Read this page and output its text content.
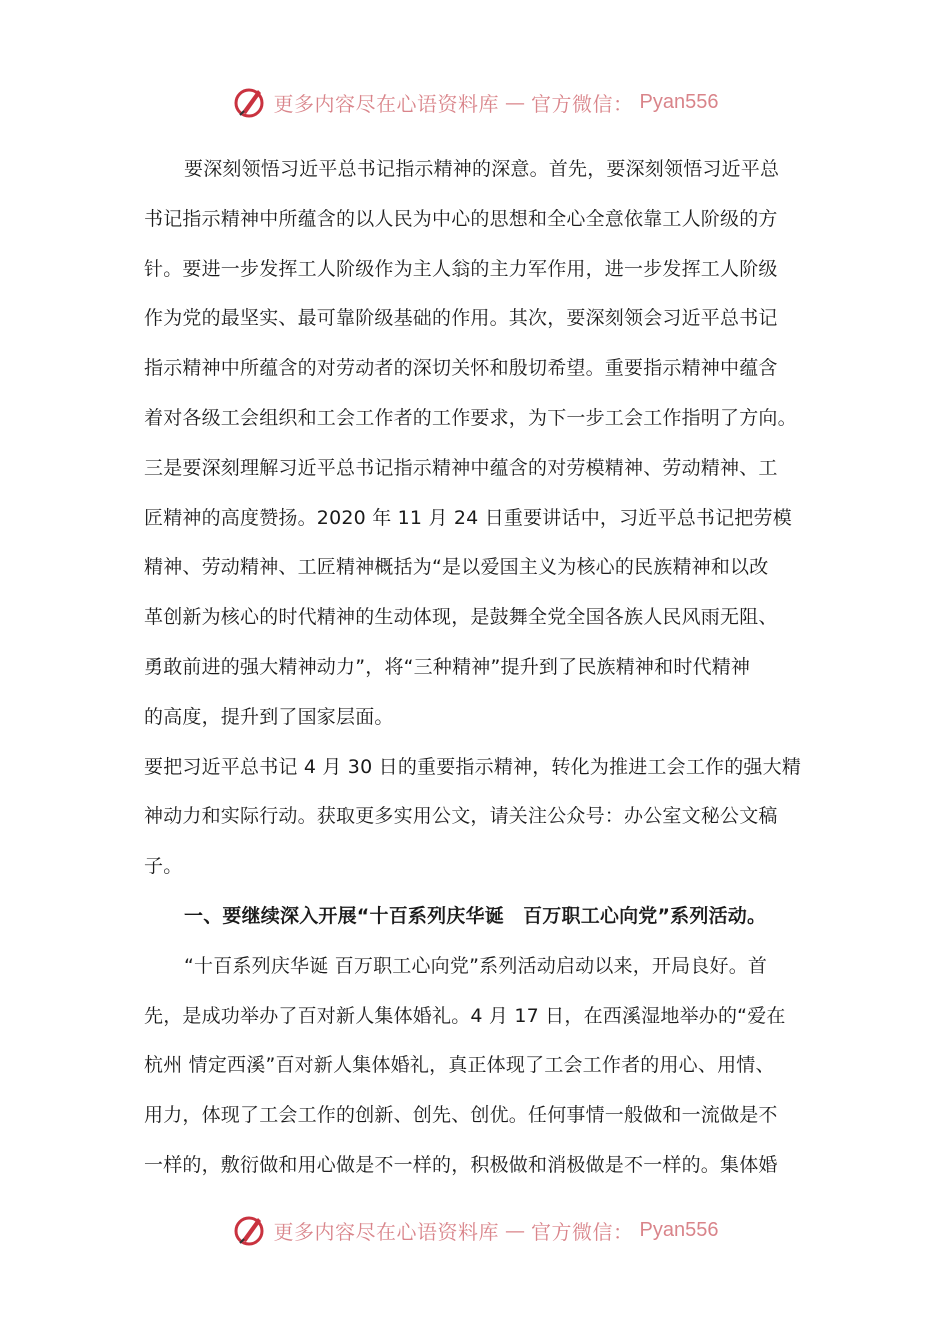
更多内容尽在心语资料库 — 官方微信： Pyan556
要深刻领悟习近平总书记指示精神的深意。首先，要深刻领悟习近平总
书记指示精神中所蕴含的以人民为中心的思想和全心全意依靠工人阶级的方
针。要进一步发挥工人阶级作为主人翁的主力军作用，进一步发挥工人阶级
作为党的最坚实、最可靠阶级基础的作用。其次，要深刻领会习近平总书记
指示精神中所蕴含的对劳动者的深切关怀和殷切希望。重要指示精神中蕴含
着对各级工会组织和工会工作者的工作要求，为下一步工会工作指明了方向。
三是要深刻理解习近平总书记指示精神中蕴含的对劳模精神、劳动精神、工
匠精神的高度赞扬。2020 年 11 月 24 日重要讲话中，习近平总书记把劳模
精神、劳动精神、工匠精神概括为“是以爱国主义为核心的民族精神和以改
革创新为核心的时代精神的生动体现，是鼓舞全党全国各族人民风雨无阻、
勇敢前进的强大精神动力”，将“三种精神”提升到了民族精神和时代精神
的高度，提升到了国家层面。
要把习近平总书记 4 月 30 日的重要指示精神，转化为推进工会工作的强大精
神动力和实际行动。获取更多实用公文，请关注公众号：办公室文秘公文稿
子。
一、要继续深入开展“十百系列庆华诞　百万职工心向党”系列活动。
“十百系列庆华诞 百万职工心向党”系列活动启动以来，开局良好。首
先，是成功举办了百对新人集体婚礼。4 月 17 日，在西溪湿地举办的“爱在
杭州 情定西溪”百对新人集体婚礼，真正体现了工会工作者的用心、用情、
用力，体现了工会工作的创新、创先、创优。任何事情一般做和一流做是不
一样的，敷衍做和用心做是不一样的，积极做和消极做是不一样的。集体婚
更多内容尽在心语资料库 — 官方微信： Pyan556
